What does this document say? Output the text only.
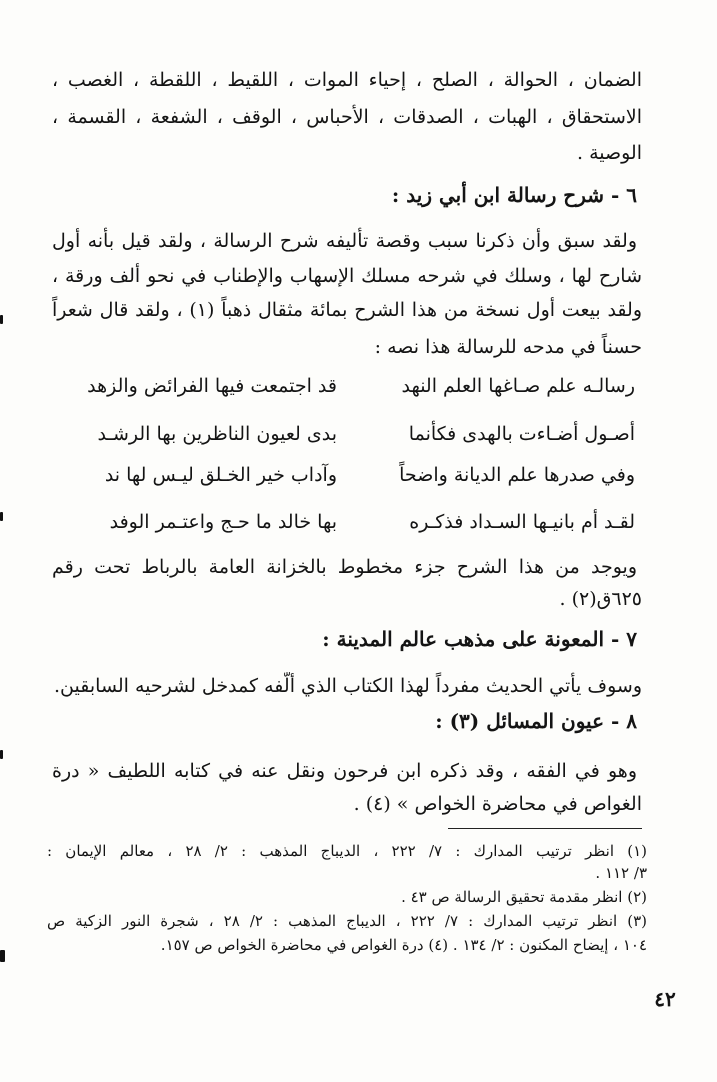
الضمان ، الحوالة ، الصلح ، إحياء الموات ، اللقيط ، اللقطة ، الغصب ،
الاستحقاق ، الهبات ، الصدقات ، الأحباس ، الوقف ، الشفعة ، القسمة ،
الوصية .
٦ - شرح رسالة ابن أبي زيد :
ولقد سبق وأن ذكرنا سبب وقصة تأليفه شرح الرسالة ، ولقد قيل بأنه أول
شارح لها ، وسلك في شرحه مسلك الإسهاب والإطناب في نحو ألف ورقة ،
ولقد بيعت أول نسخة من هذا الشرح بمائة مثقال ذهباً (١) ، ولقد قال شعراً
حسناً في مدحه للرسالة هذا نصه :
رسالـه علم صـاغها العلم النهد
قد اجتمعت فيها الفرائض والزهد
أصـول أضـاءت بالهدى فكأنما
بدى لعيون الناظرين بها الرشـد
وفي صدرها علم الديانة واضحاً
وآداب خير الخـلق ليـس لها ند
لقـد أم بانيـها السـداد فذكـره
بها خالد ما حـج واعتـمر الوفد
ويوجد من هذا الشرح جزء مخطوط بالخزانة العامة بالرباط تحت رقم
٦٢٥ق(٢) .
٧ - المعونة على مذهب عالم المدينة :
وسوف يأتي الحديث مفرداً لهذا الكتاب الذي ألّفه كمدخل لشرحيه السابقين.
٨ - عيون المسائل (٣) :
وهو في الفقه ، وقد ذكره ابن فرحون ونقل عنه في كتابه اللطيف « درة
الغواص في محاضرة الخواص » (٤) .
(١) انظر ترتيب المدارك : ٧/ ٢٢٢ ، الديباج المذهب : ٢/ ٢٨ ، معالم الإيمان :
٣/ ١١٢ .
(٢) انظر مقدمة تحقيق الرسالة ص ٤٣ .
(٣) انظر ترتيب المدارك : ٧/ ٢٢٢ ، الديباج المذهب : ٢/ ٢٨ ، شجرة النور الزكية ص
١٠٤ ، إيضاح المكنون : ٢/ ١٣٤ . (٤) درة الغواص في محاضرة الخواص ص ١٥٧.
٤٢
